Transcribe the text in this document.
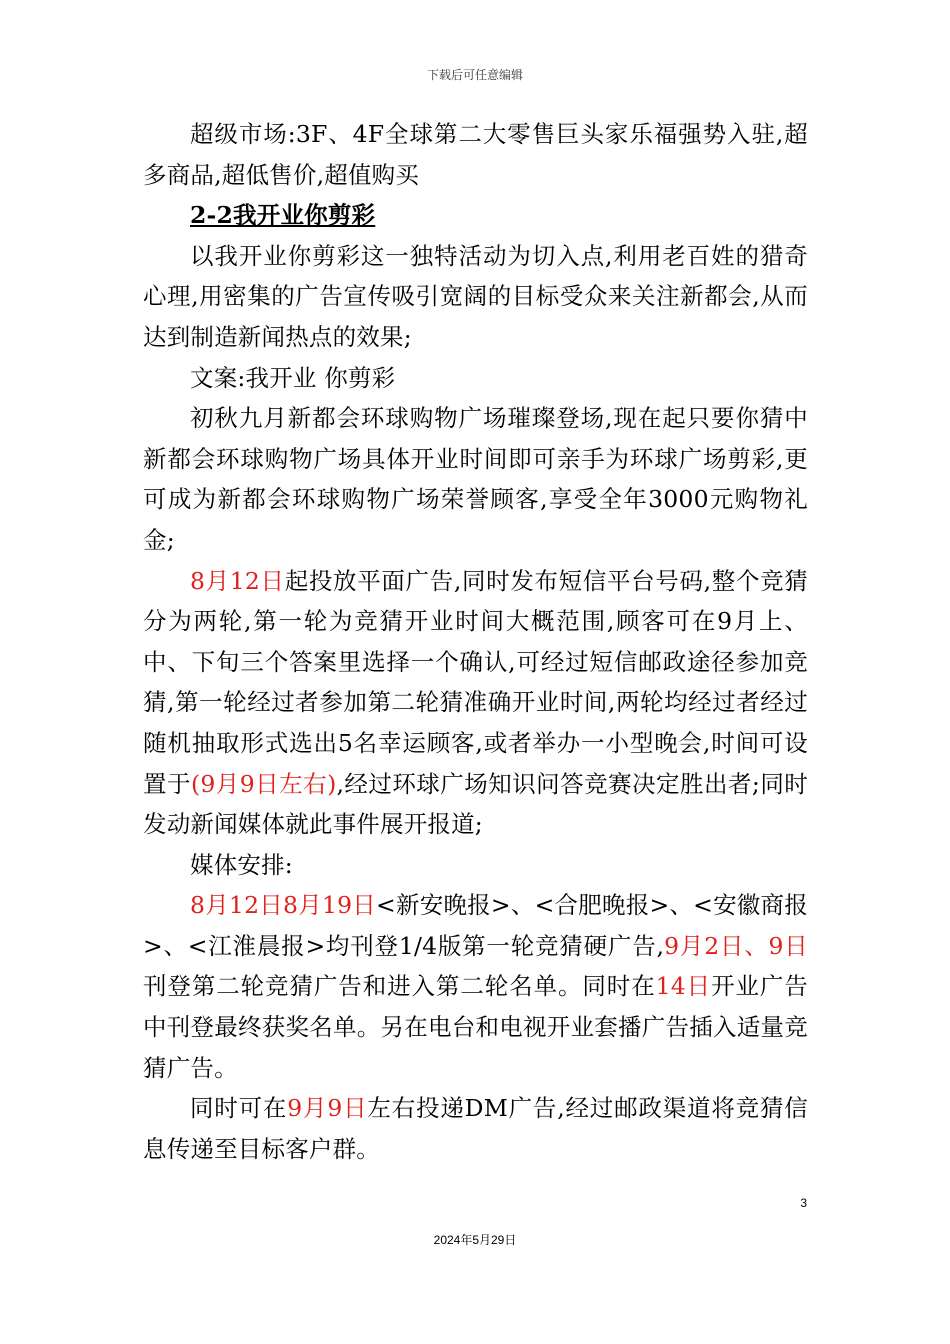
下载后可任意编辑

超级市场:3F、4F全球第二大零售巨头家乐福强势入驻,超多商品,超低售价,超值购买

2-2我开业你剪彩

以我开业你剪彩这一独特活动为切入点,利用老百姓的猎奇心理,用密集的广告宣传吸引宽阔的目标受众来关注新都会,从而达到制造新闻热点的效果;

文案:我开业 你剪彩

初秋九月新都会环球购物广场璀璨登场,现在起只要你猜中新都会环球购物广场具体开业时间即可亲手为环球广场剪彩,更可成为新都会环球购物广场荣誉顾客,享受全年3000元购物礼金;

8月12日起投放平面广告,同时发布短信平台号码,整个竞猜分为两轮,第一轮为竞猜开业时间大概范围,顾客可在9月上、中、下旬三个答案里选择一个确认,可经过短信邮政途径参加竞猜,第一轮经过者参加第二轮猜准确开业时间,两轮均经过者经过随机抽取形式选出5名幸运顾客,或者举办一小型晚会,时间可设置于(9月9日左右),经过环球广场知识问答竞赛决定胜出者;同时发动新闻媒体就此事件展开报道;

媒体安排:

8月12日8月19日<新安晚报>、<合肥晚报>、<安徽商报>、<江淮晨报>均刊登1/4版第一轮竞猜硬广告,9月2日、9日刊登第二轮竞猜广告和进入第二轮名单。同时在14日开业广告中刊登最终获奖名单。另在电台和电视开业套播广告插入适量竞猜广告。

同时可在9月9日左右投递DM广告,经过邮政渠道将竞猜信息传递至目标客户群。

3
2024年5月29日
